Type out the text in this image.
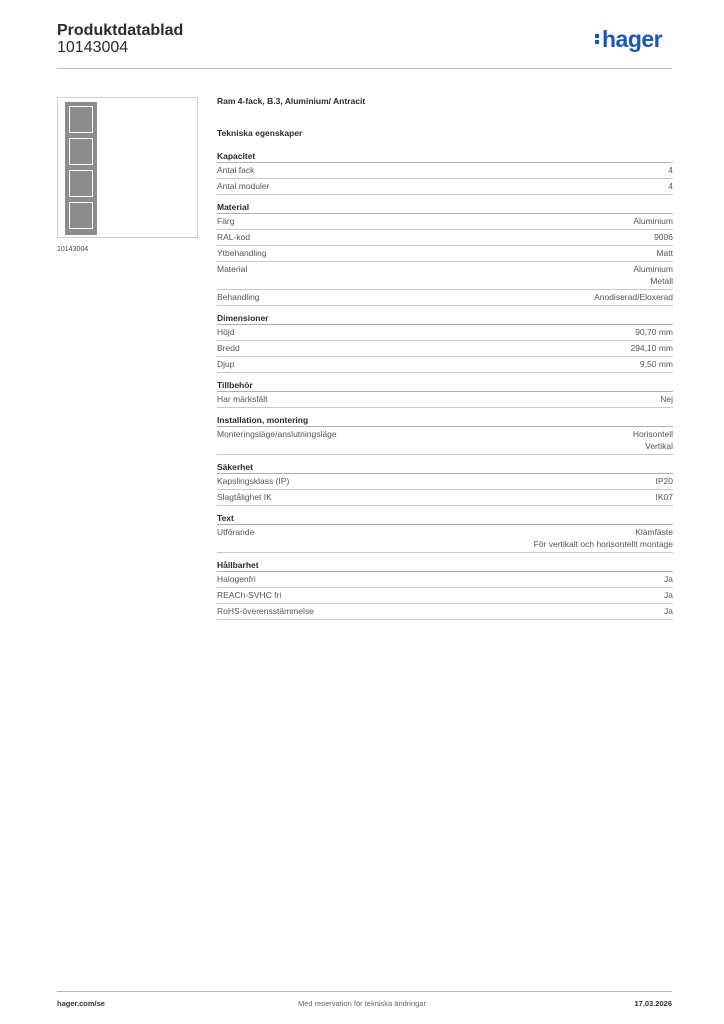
Produktdatablad
10143004	hager
10143004
Ram 4-fack, B.3, Aluminium/ Antracit
Tekniska egenskaper
Kapacitet
Antal fack	4
Antal moduler	4
Material
Färg	Aluminium
RAL-kod	9006
Ytbehandling	Matt
Material	Aluminium
Metall
Behandling	Anodiserad/Eloxerad
Dimensioner
Höjd	90,70 mm
Bredd	294,10 mm
Djup	9,50 mm
Tillbehör
Har märksfält	Nej
Installation, montering
Monteringsläge/anslutningsläge	Horisontell
Vertikal
Säkerhet
Kapslingsklass (IP)	IP20
Slagtålighet IK	IK07
Text
Utförande	Klämfäste
För vertikalt och horisontellt montage
Hållbarhet
Halogenfri	Ja
REACh-SVHC fri	Ja
RoHS-överensstämmelse	Ja
hager.com/se	Med reservation för tekniska ändringar	17.03.2026
